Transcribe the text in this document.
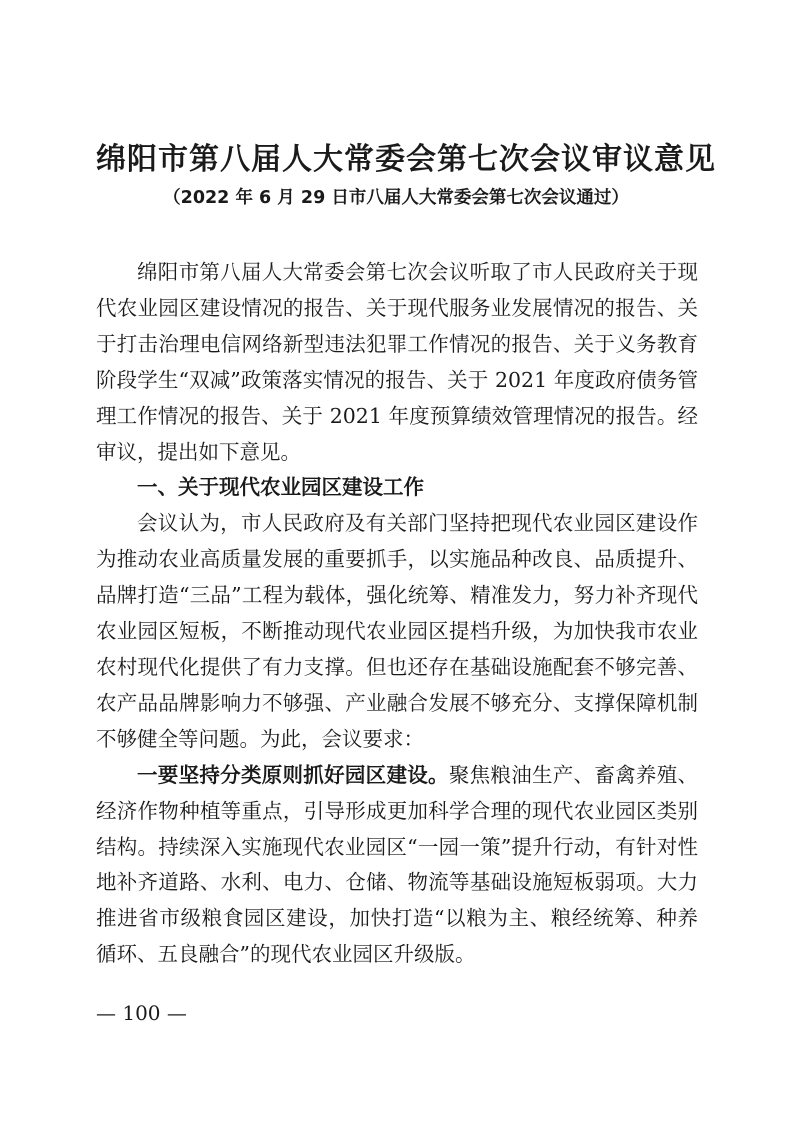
绵阳市第八届人大常委会第七次会议审议意见
（2022 年 6 月 29 日市八届人大常委会第七次会议通过）

绵阳市第八届人大常委会第七次会议听取了市人民政府关于现代农业园区建设情况的报告、关于现代服务业发展情况的报告、关于打击治理电信网络新型违法犯罪工作情况的报告、关于义务教育阶段学生“双减”政策落实情况的报告、关于 2021 年度政府债务管理工作情况的报告、关于 2021 年度预算绩效管理情况的报告。经审议，提出如下意见。

一、关于现代农业园区建设工作

会议认为，市人民政府及有关部门坚持把现代农业园区建设作为推动农业高质量发展的重要抓手，以实施品种改良、品质提升、品牌打造“三品”工程为载体，强化统筹、精准发力，努力补齐现代农业园区短板，不断推动现代农业园区提档升级，为加快我市农业农村现代化提供了有力支撑。但也还存在基础设施配套不够完善、农产品品牌影响力不够强、产业融合发展不够充分、支撑保障机制不够健全等问题。为此，会议要求：

一要坚持分类原则抓好园区建设。聚焦粮油生产、畜禽养殖、经济作物种植等重点，引导形成更加科学合理的现代农业园区类别结构。持续深入实施现代农业园区“一园一策”提升行动，有针对性地补齐道路、水利、电力、仓储、物流等基础设施短板弱项。大力推进省市级粮食园区建设，加快打造“以粮为主、粮经统筹、种养循环、五良融合”的现代农业园区升级版。

— 100 —
